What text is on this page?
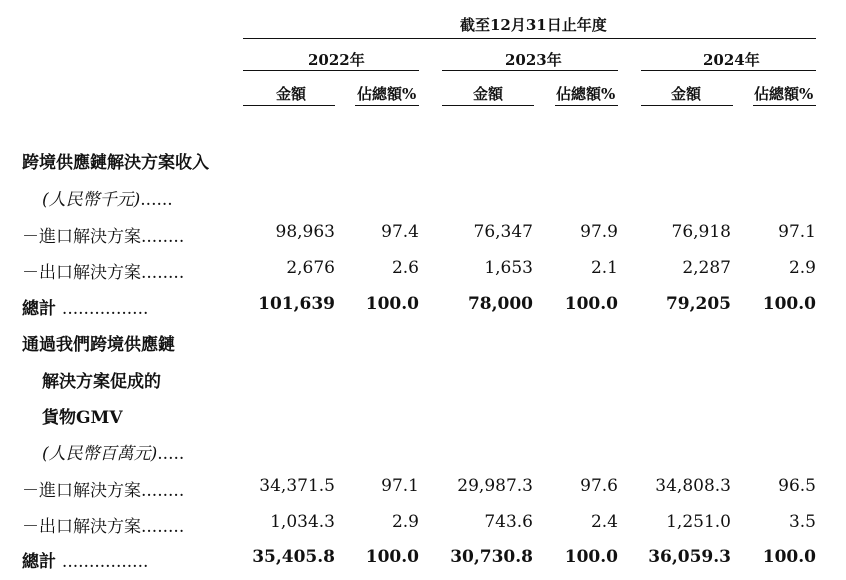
截至12月31日止年度
2022年	2023年	2024年
金額	佔總額%	金額	佔總額%	金額	佔總額%
跨境供應鏈解決方案收入
(人民幣千元)......
－進口解決方案........	98,963	97.4	76,347	97.9	76,918	97.1
－出口解決方案........	2,676	2.6	1,653	2.1	2,287	2.9
總計 ................	101,639	100.0	78,000	100.0	79,205	100.0
通過我們跨境供應鏈
解決方案促成的
貨物GMV
(人民幣百萬元).....
－進口解決方案........	34,371.5	97.1	29,987.3	97.6	34,808.3	96.5
－出口解決方案........	1,034.3	2.9	743.6	2.4	1,251.0	3.5
總計 ................	35,405.8	100.0	30,730.8	100.0	36,059.3	100.0
